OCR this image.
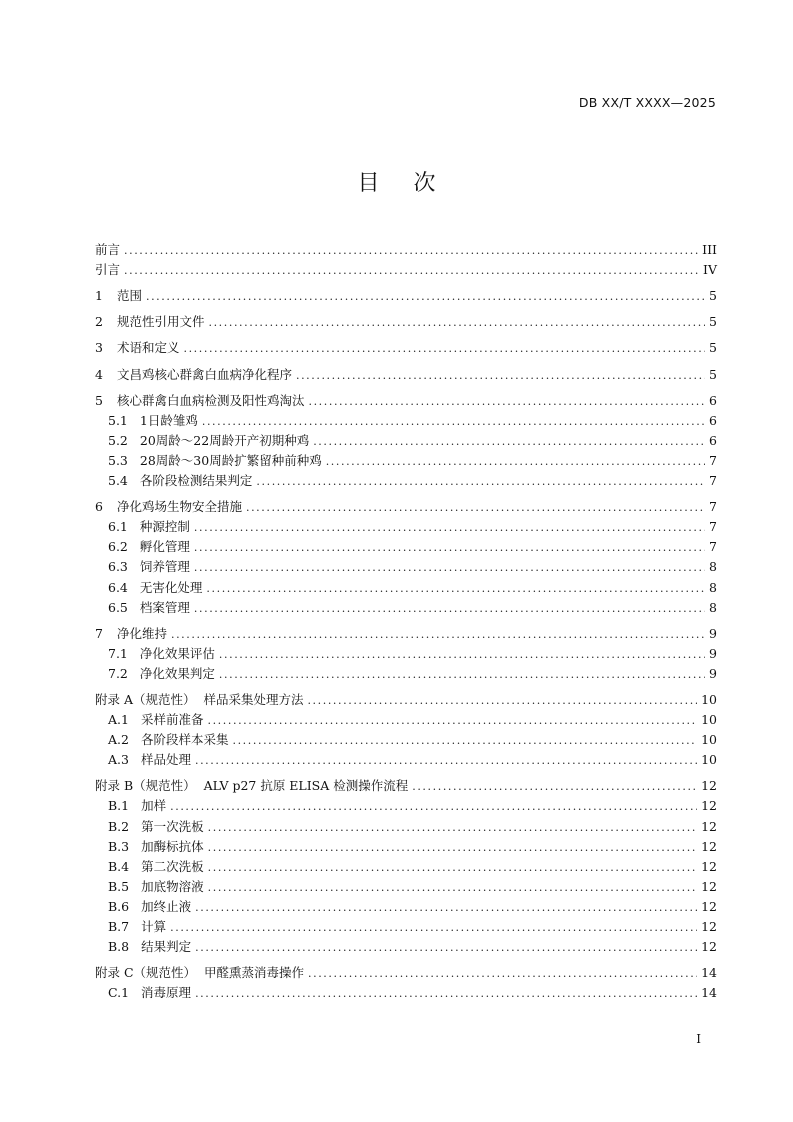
DB XX/T XXXX—2025
目次
前言 .....	III
引言 .....	IV
1 范围 .....	5
2 规范性引用文件 .....	5
3 术语和定义 .....	5
4 文昌鸡核心群禽白血病净化程序 .....	5
5 核心群禽白血病检测及阳性鸡淘汰 .....	6
5.1 1日龄雏鸡 .....	6
5.2 20周龄～22周龄开产初期种鸡 .....	6
5.3 28周龄～30周龄扩繁留种前种鸡 .....	7
5.4 各阶段检测结果判定 .....	7
6 净化鸡场生物安全措施 .....	7
6.1 种源控制 .....	7
6.2 孵化管理 .....	7
6.3 饲养管理 .....	8
6.4 无害化处理 .....	8
6.5 档案管理 .....	8
7 净化维持 .....	9
7.1 净化效果评估 .....	9
7.2 净化效果判定 .....	9
附录 A（规范性）  样品采集处理方法 .....	10
A.1 采样前准备 .....	10
A.2 各阶段样本采集 .....	10
A.3 样品处理 .....	10
附录 B（规范性）  ALV p27 抗原 ELISA 检测操作流程 .....	12
B.1 加样 .....	12
B.2 第一次洗板 .....	12
B.3 加酶标抗体 .....	12
B.4 第二次洗板 .....	12
B.5 加底物溶液 .....	12
B.6 加终止液 .....	12
B.7 计算 .....	12
B.8 结果判定 .....	12
附录 C（规范性）  甲醛熏蒸消毒操作 .....	14
C.1 消毒原理 .....	14
I
